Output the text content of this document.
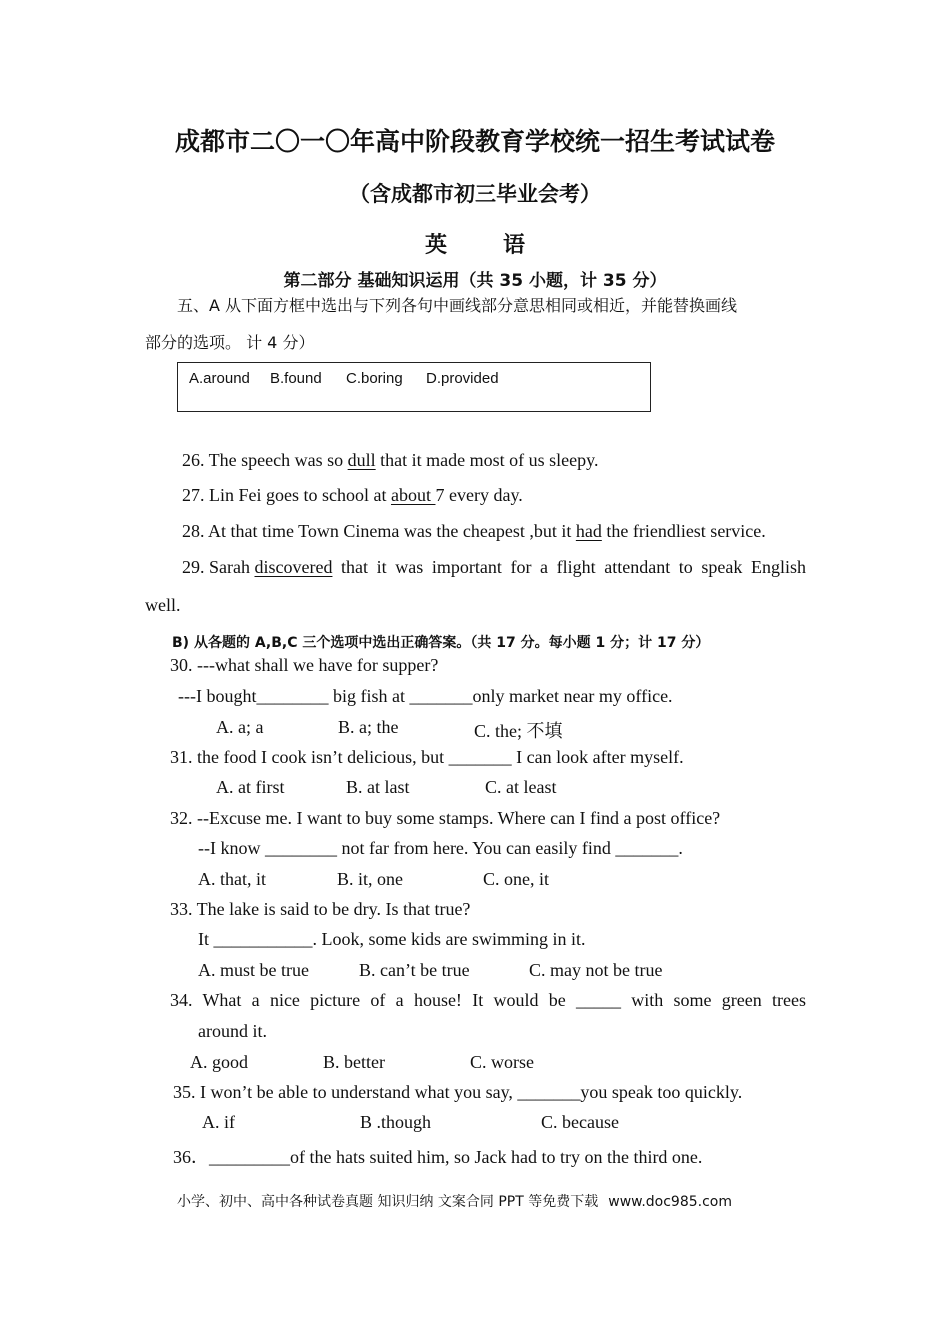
成都市二〇一〇年高中阶段教育学校统一招生考试试卷
（含成都市初三毕业会考）
英	语
第二部分 基础知识运用（共 35 小题，计 35 分）
五、A 从下面方框中选出与下列各句中画线部分意思相同或相近，并能替换画线
部分的选项。 计 4 分）
A.around B.found C.boring D.provided
26. The speech was so dull that it made most of us sleepy.
27. Lin Fei goes to school at about 7 every day.
28. At that time Town Cinema was the cheapest ,but it had the friendliest service.
29. Sarah discovered that it was important for a flight attendant to speak English
well.
B) 从各题的 A,B,C 三个选项中选出正确答案。（共 17 分。每小题 1 分；计 17 分）
30. ---what shall we have for supper?
---I bought________ big fish at _______only market near my office.
A. a; a	B. a; the	C. the; 不填
31. the food I cook isn’t delicious, but _______ I can look after myself.
A. at first	B. at last	C. at least
32. --Excuse me. I want to buy some stamps. Where can I find a post office?
--I know ________ not far from here. You can easily find _______.
A. that, it	B. it, one	C. one, it
33. The lake is said to be dry. Is that true?
It ___________. Look, some kids are swimming in it.
A. must be true	B. can’t be true	C. may not be true
34. What a nice picture of a house! It would be _____ with some green trees
around it.
A. good	B. better	C. worse
35. I won’t be able to understand what you say, _______you speak too quickly.
A. if	B .though	C. because
36．_________of the hats suited him, so Jack had to try on the third one.
小学、初中、高中各种试卷真题 知识归纳 文案合同 PPT 等免费下载 www.doc985.com
